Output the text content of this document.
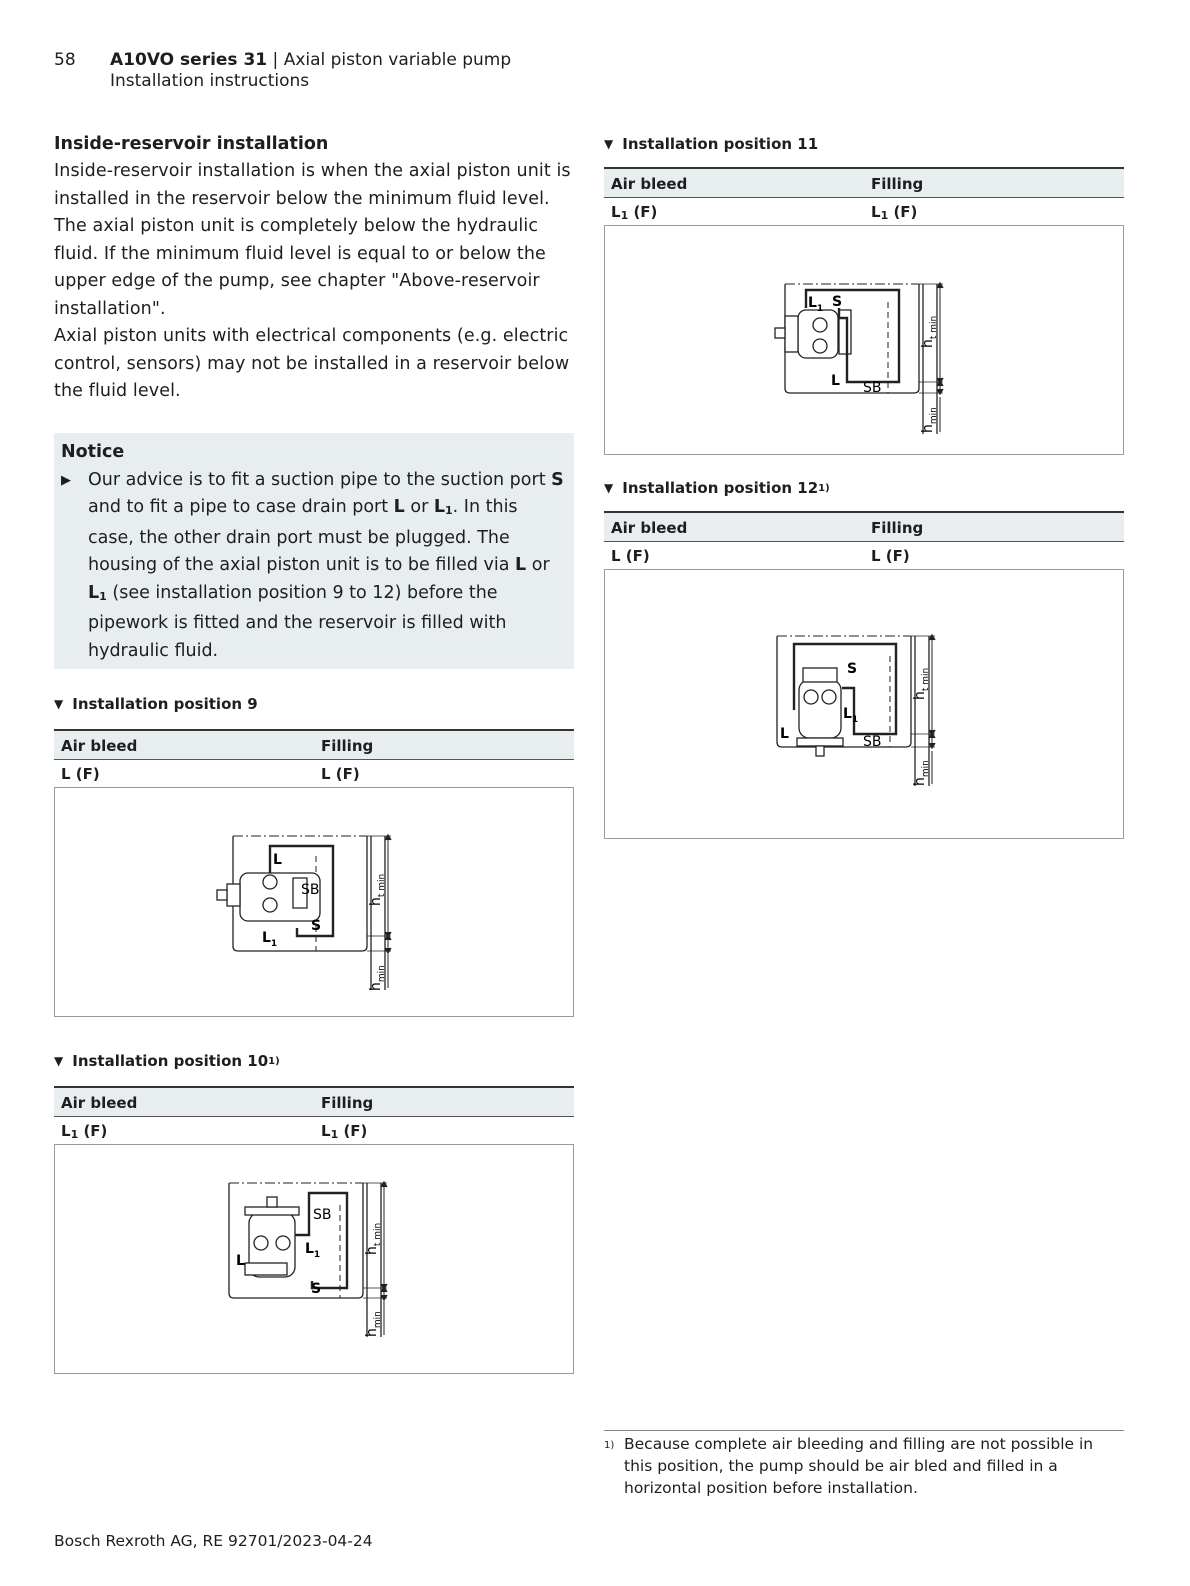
58 A10VO series 31 | Axial piston variable pump
Installation instructions
Inside-reservoir installation

Inside-reservoir installation is when the axial piston unit is installed in the reservoir below the minimum fluid level. The axial piston unit is completely below the hydraulic fluid. If the minimum fluid level is equal to or below the upper edge of the pump, see chapter "Above-reservoir installation".

Axial piston units with electrical components (e.g. electric control, sensors) may not be installed in a reservoir below the fluid level.

Notice
▶ Our advice is to fit a suction pipe to the suction port S and to fit a pipe to case drain port L or L1. In this case, the other drain port must be plugged. The housing of the axial piston unit is to be filled via L or L1 (see installation position 9 to 12) before the pipework is fitted and the reservoir is filled with hydraulic fluid.
▼ Installation position 9
Air bleed	Filling
L (F)	L (F)
L
$L_1$
S
SB
$h_{t min}$
$h_{min}$
▼ Installation position 10 1)
Air bleed	Filling
L1 (F)	L1 (F)
L
$L_1$
S
SB
$h_{t min}$
$h_{min}$
▼ Installation position 11
Air bleed	Filling
L1 (F)	L1 (F)
$L_1$ S
L SB
$h_{t min}$
$h_{min}$
▼ Installation position 12 1)
Air bleed	Filling
L (F)	L (F)
S
L
$L_1$
SB
$h_{t min}$
$h_{min}$
1) Because complete air bleeding and filling are not possible in this position, the pump should be air bled and filled in a horizontal position before installation.
Bosch Rexroth AG, RE 92701/2023-04-24
